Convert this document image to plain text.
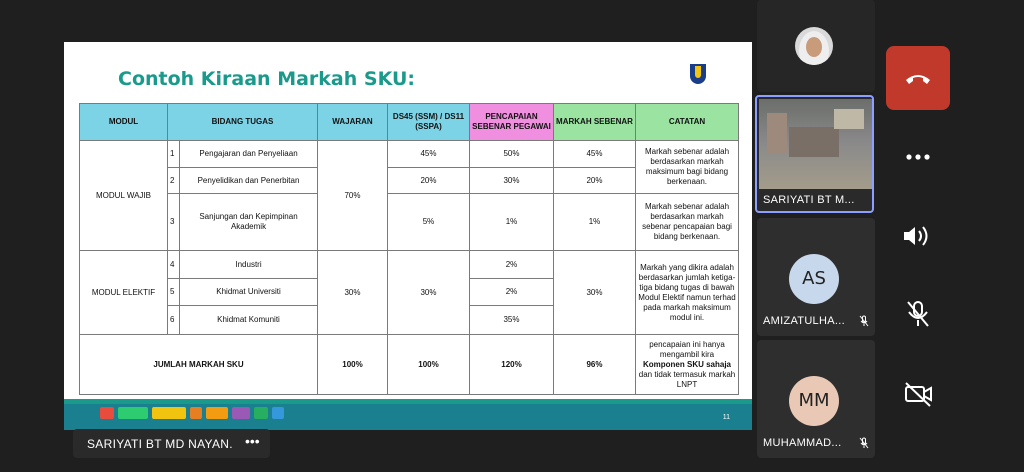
Contoh Kiraan Markah SKU:
MODUL	BIDANG TUGAS		WAJARAN	DS45 (SSM) / DS11 (SSPA)	PENCAPAIAN SEBENAR PEGAWAI	MARKAH SEBENAR	CATATAN
MODUL WAJIB	1	Pengajaran dan Penyeliaan	70%	45%	50%	45%	Markah sebenar adalah berdasarkan markah maksimum bagi bidang berkenaan.
	2	Penyelidikan dan Penerbitan		20%	30%	20%	
	3	Sanjungan dan Kepimpinan Akademik		5%	1%	1%	Markah sebenar adalah berdasarkan markah sebenar pencapaian bagi bidang berkenaan.
MODUL ELEKTIF	4	Industri	30%	30%	2%	30%	Markah yang dikira adalah berdasarkan jumlah ketiga-tiga bidang tugas di bawah Modul Elektif namun terhad pada markah maksimum modul ini.
	5	Khidmat Universiti			2%		
	6	Khidmat Komuniti			35%		
JUMLAH MARKAH SKU			100%	100%	120%	96%	pencapaian ini hanya mengambil kira
Komponen SKU sahaja
dan tidak termasuk markah LNPT
11
SARIYATI BT MD NAYAN. •••
SARIYATI BT M...
AS
AMIZATULHA...
MM
MUHAMMAD...
